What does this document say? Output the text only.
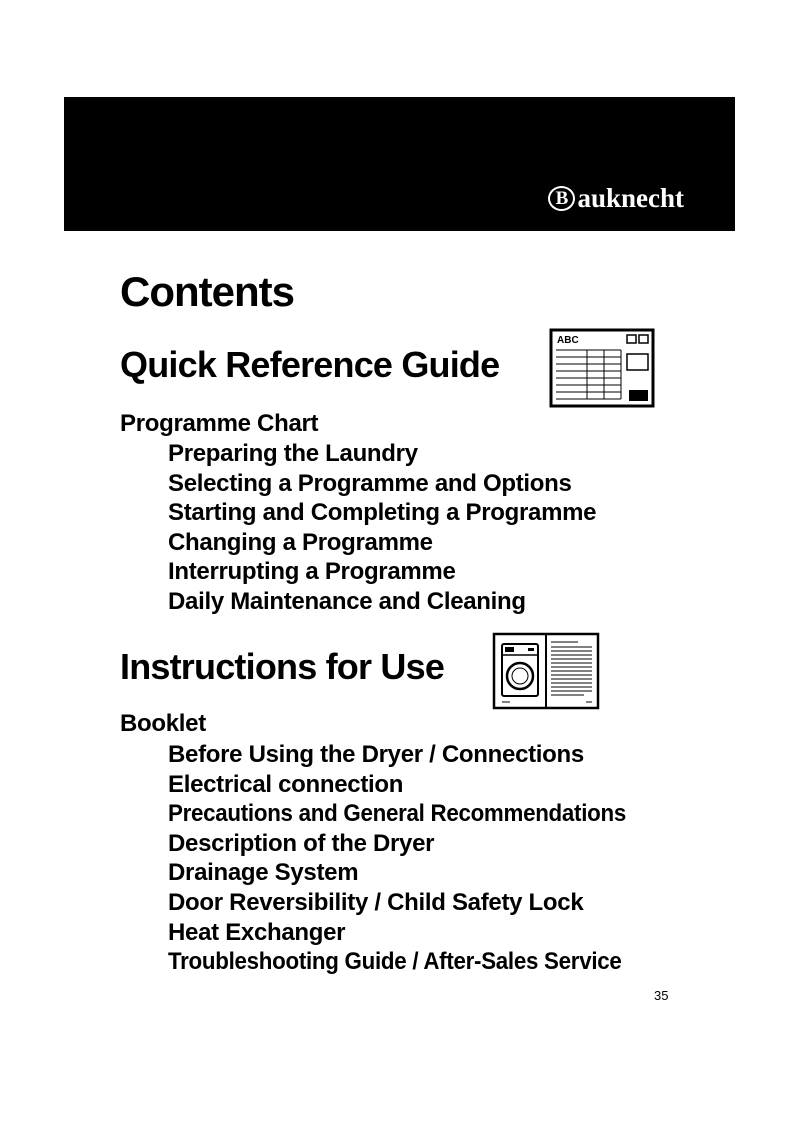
B auknecht
Contents
Quick Reference Guide
ABC
Programme Chart
Preparing the Laundry
Selecting a Programme and Options
Starting and Completing a Programme
Changing a Programme
Interrupting a Programme
Daily Maintenance and Cleaning
Instructions for Use
Booklet
Before Using the Dryer / Connections
Electrical connection
Precautions and General Recommendations
Description of the Dryer
Drainage System
Door Reversibility / Child Safety Lock
Heat Exchanger
Troubleshooting Guide / After-Sales Service
35
